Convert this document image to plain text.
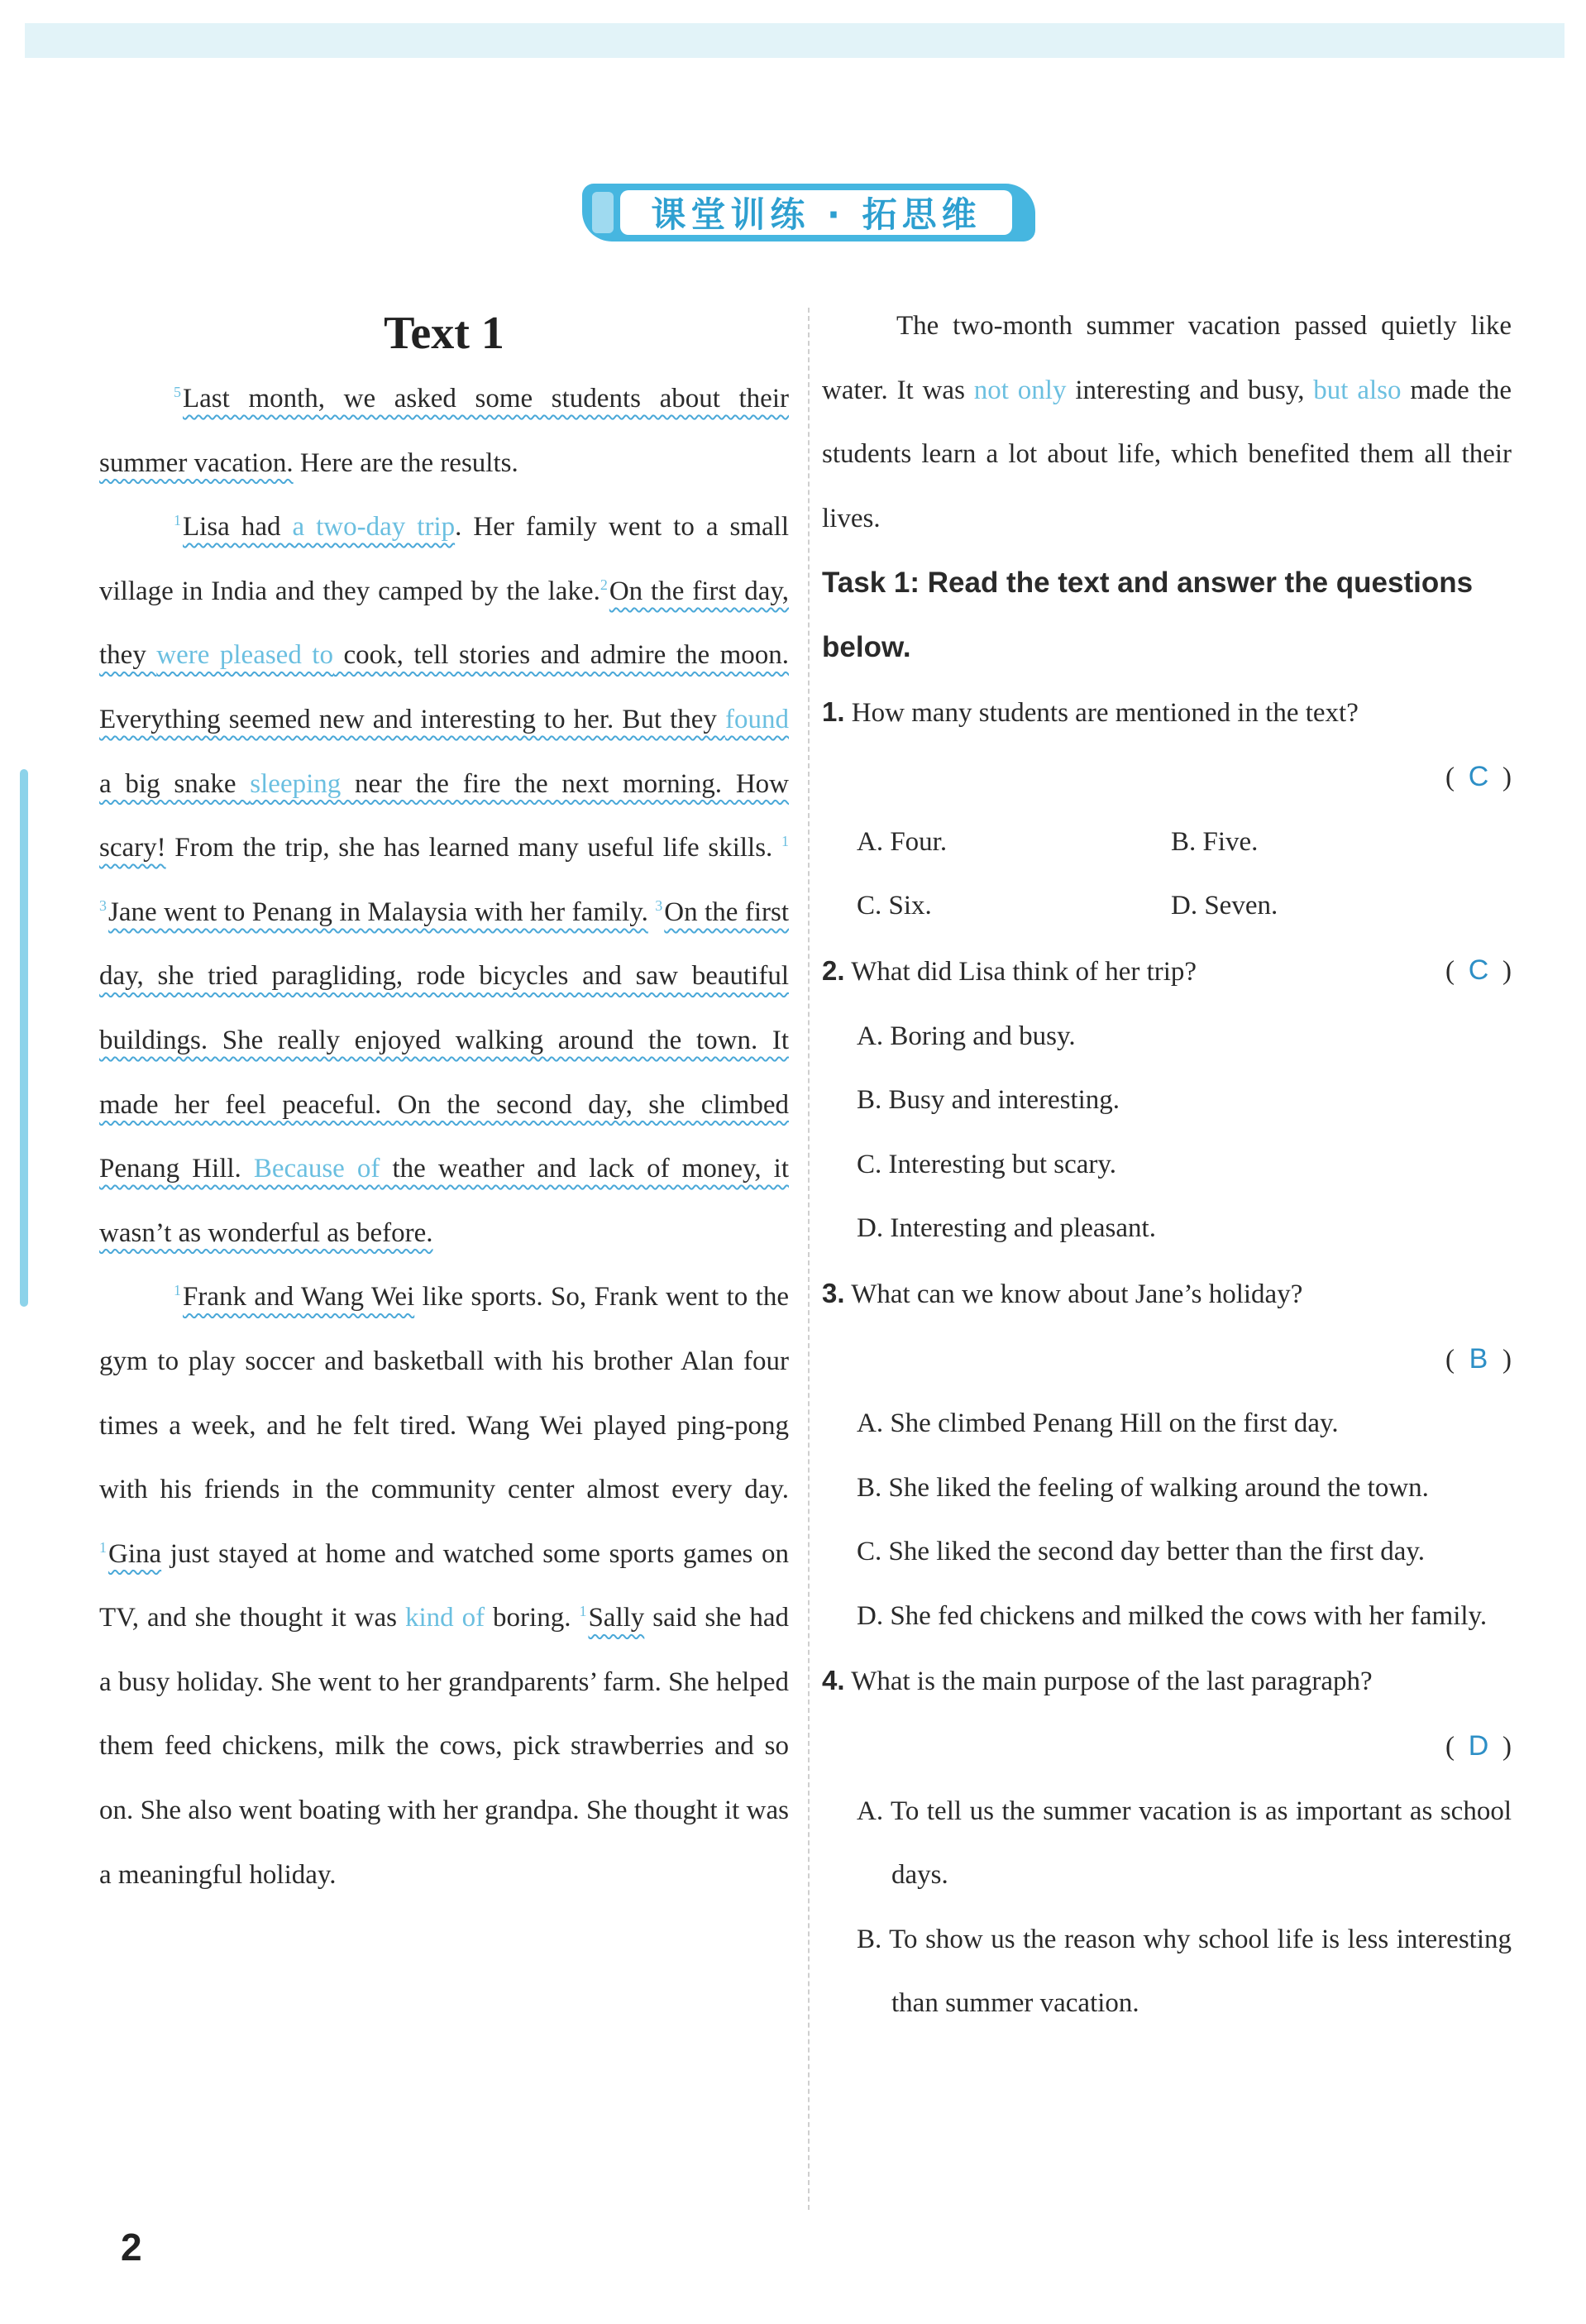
课堂训练 · 拓思维
Text 1

$^5$Last month, we asked some students about their summer vacation. Here are the results.

$^1$Lisa had a two-day trip. Her family went to a small village in India and they camped by the lake.$^2$On the first day, they were pleased to cook, tell stories and admire the moon. Everything seemed new and interesting to her. But they found a big snake sleeping near the fire the next morning. How scary! From the trip, she has learned many useful life skills. $^{1 3}$Jane went to Penang in Malaysia with her family. $^3$On the first day, she tried paragliding, rode bicycles and saw beautiful buildings. She really enjoyed walking around the town. It made her feel peaceful. On the second day, she climbed Penang Hill. Because of the weather and lack of money, it wasn’t as wonderful as before.

$^1$Frank and Wang Wei like sports. So, Frank went to the gym to play soccer and basketball with his brother Alan four times a week, and he felt tired. Wang Wei played ping-pong with his friends in the community center almost every day. $^1$Gina just stayed at home and watched some sports games on TV, and she thought it was kind of boring. $^1$Sally said she had a busy holiday. She went to her grandparents’ farm. She helped them feed chickens, milk the cows, pick strawberries and so on. She also went boating with her grandpa. She thought it was a meaningful holiday.

The two-month summer vacation passed quietly like water. It was not only interesting and busy, but also made the students learn a lot about life, which benefited them all their lives.

Task 1: Read the text and answer the questions below.

1. How many students are mentioned in the text?

( C )

A. Four.	B. Five.
C. Six.	D. Seven.
2. What did Lisa think of her trip?	( C )

A. Boring and busy.

B. Busy and interesting.

C. Interesting but scary.

D. Interesting and pleasant.

3. What can we know about Jane’s holiday?

( B )

A. She climbed Penang Hill on the first day.

B. She liked the feeling of walking around the town.

C. She liked the second day better than the first day.

D. She fed chickens and milked the cows with her family.

4. What is the main purpose of the last paragraph?

( D )

A. To tell us the summer vacation is as important as school days.

B. To show us the reason why school life is less interesting than summer vacation.

2
